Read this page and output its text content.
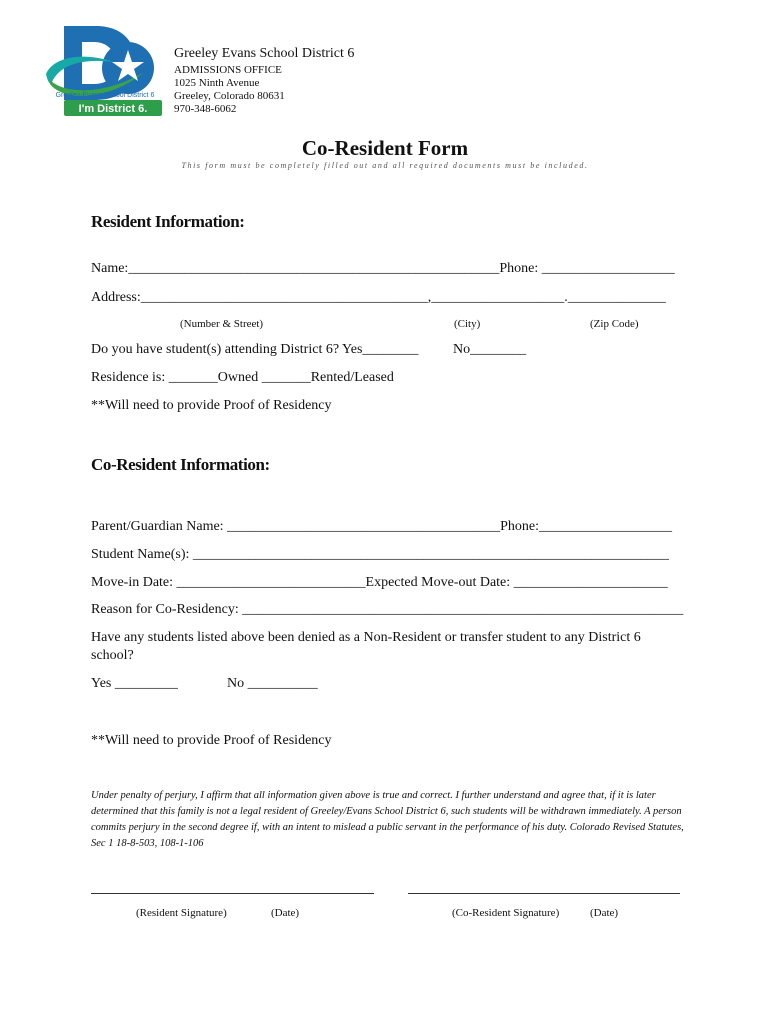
Greeley-Evans School District 6
I'm District 6.
Greeley Evans School District 6
ADMISSIONS OFFICE
1025 Ninth Avenue
Greeley, Colorado 80631
970-348-6062
Co-Resident Form
This form must be completely filled out and all required documents must be included.
Resident Information:
Name:_____________________________________________________Phone: ___________________
Address:_________________________________________,___________________.______________
(Number & Street)	(City)	(Zip Code)
Do you have student(s) attending District 6? Yes________ No________
Residence is: _______Owned _______Rented/Leased
**Will need to provide Proof of Residency
Co-Resident Information:
Parent/Guardian Name: _______________________________________Phone:___________________
Student Name(s): ____________________________________________________________________
Move-in Date: ___________________________Expected Move-out Date: ______________________
Reason for Co-Residency: _______________________________________________________________
Have any students listed above been denied as a Non-Resident or transfer student to any District 6
school?
Yes _________	No __________
**Will need to provide Proof of Residency
Under penalty of perjury, I affirm that all information given above is true and correct. I further understand and agree that, if it is later determined that this family is not a legal resident of Greeley/Evans School District 6, such students will be withdrawn immediately. A person commits perjury in the second degree if, with an intent to mislead a public servant in the performance of his duty. Colorado Revised Statutes, Sec 1 18-8-503, 108-1-106
(Resident Signature)	(Date)	(Co-Resident Signature)	(Date)
